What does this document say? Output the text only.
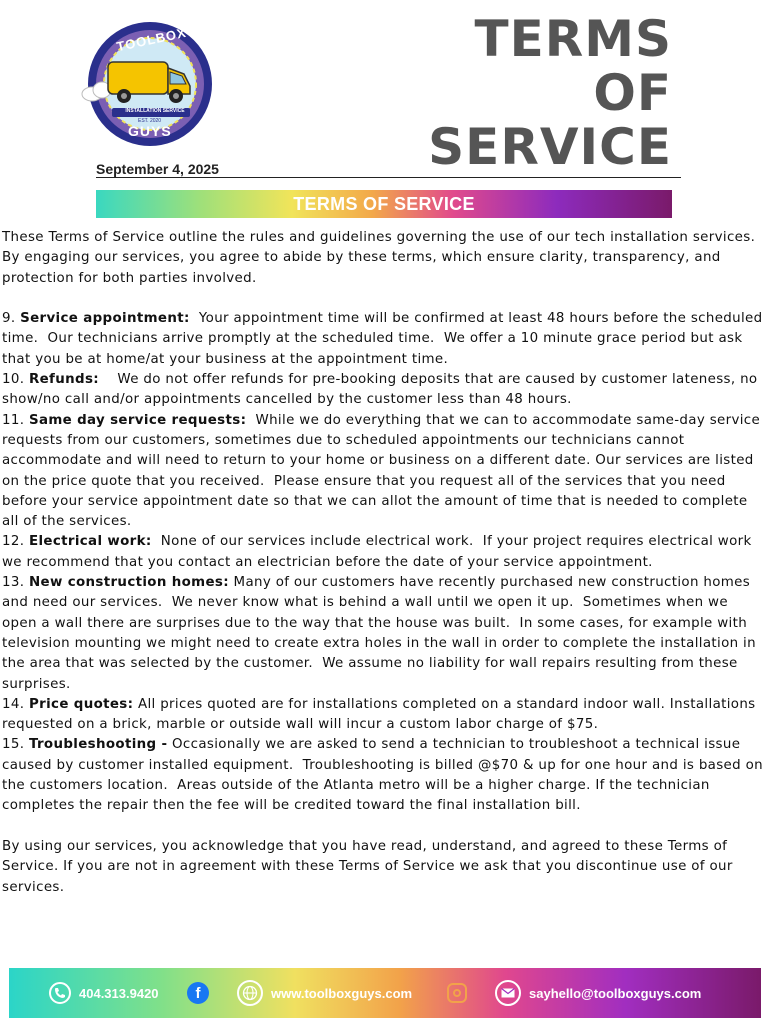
TOOLBOX
INSTALLATION SERVICE
EST. 2020
GUYS
TERMS
OF
SERVICE
September 4, 2025
TERMS OF SERVICE

These Terms of Service outline the rules and guidelines governing the use of our tech installation services. By engaging our services, you agree to abide by these terms, which ensure clarity, transparency, and protection for both parties involved.

9. Service appointment:  Your appointment time will be confirmed at least 48 hours before the scheduled time.  Our technicians arrive promptly at the scheduled time.  We offer a 10 minute grace period but ask that you be at home/at your business at the appointment time.

10. Refunds:    We do not offer refunds for pre-booking deposits that are caused by customer lateness, no show/no call and/or appointments cancelled by the customer less than 48 hours.

11. Same day service requests:  While we do everything that we can to accommodate same-day service requests from our customers, sometimes due to scheduled appointments our technicians cannot accommodate and will need to return to your home or business on a different date. Our services are listed on the price quote that you received.  Please ensure that you request all of the services that you need before your service appointment date so that we can allot the amount of time that is needed to complete all of the services.

12. Electrical work:  None of our services include electrical work.  If your project requires electrical work we recommend that you contact an electrician before the date of your service appointment.

13. New construction homes: Many of our customers have recently purchased new construction homes and need our services.  We never know what is behind a wall until we open it up.  Sometimes when we open a wall there are surprises due to the way that the house was built.  In some cases, for example with television mounting we might need to create extra holes in the wall in order to complete the installation in the area that was selected by the customer.  We assume no liability for wall repairs resulting from these surprises.

14. Price quotes: All prices quoted are for installations completed on a standard indoor wall. Installations requested on a brick, marble or outside wall will incur a custom labor charge of $75.

15. Troubleshooting - Occasionally we are asked to send a technician to troubleshoot a technical issue caused by customer installed equipment.  Troubleshooting is billed @$70 & up for one hour and is based on the customers location.  Areas outside of the Atlanta metro will be a higher charge. If the technician completes the repair then the fee will be credited toward the final installation bill.

By using our services, you acknowledge that you have read, understand, and agreed to these Terms of Service. If you are not in agreement with these Terms of Service we ask that you discontinue use of our services.

404.313.9420	f	www.toolboxguys.com	sayhello@toolboxguys.com
